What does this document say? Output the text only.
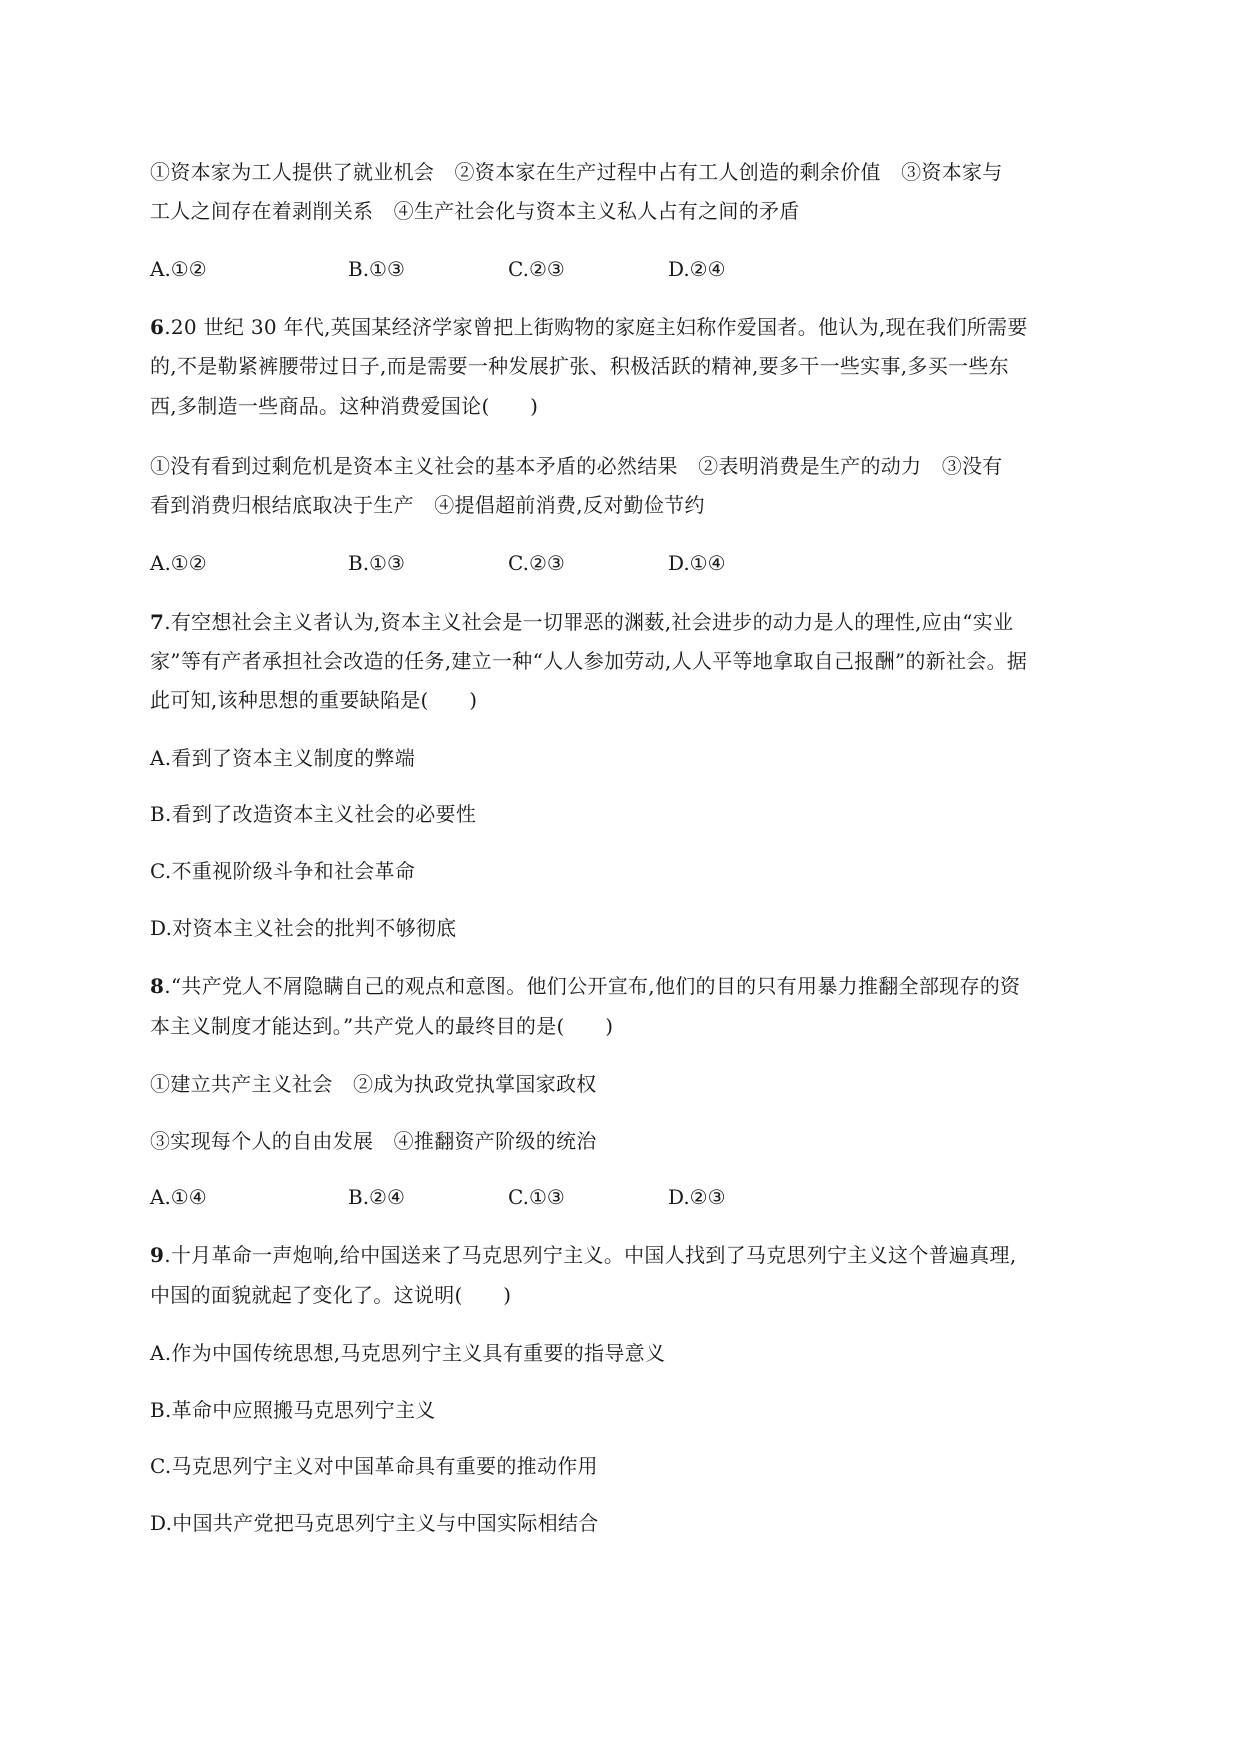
①资本家为工人提供了就业机会　②资本家在生产过程中占有工人创造的剩余价值　③资本家与
工人之间存在着剥削关系　④生产社会化与资本主义私人占有之间的矛盾
A.①②	B.①③	C.②③	D.②④
6.20 世纪 30 年代,英国某经济学家曾把上街购物的家庭主妇称作爱国者。他认为,现在我们所需要
的,不是勒紧裤腰带过日子,而是需要一种发展扩张、积极活跃的精神,要多干一些实事,多买一些东
西,多制造一些商品。这种消费爱国论(　　)
①没有看到过剩危机是资本主义社会的基本矛盾的必然结果　②表明消费是生产的动力　③没有
看到消费归根结底取决于生产　④提倡超前消费,反对勤俭节约
A.①②	B.①③	C.②③	D.①④
7.有空想社会主义者认为,资本主义社会是一切罪恶的渊薮,社会进步的动力是人的理性,应由“实业
家”等有产者承担社会改造的任务,建立一种“人人参加劳动,人人平等地拿取自己报酬”的新社会。据
此可知,该种思想的重要缺陷是(　　)
A.看到了资本主义制度的弊端
B.看到了改造资本主义社会的必要性
C.不重视阶级斗争和社会革命
D.对资本主义社会的批判不够彻底
8.“共产党人不屑隐瞒自己的观点和意图。他们公开宣布,他们的目的只有用暴力推翻全部现存的资
本主义制度才能达到。”共产党人的最终目的是(　　)
①建立共产主义社会　②成为执政党执掌国家政权
③实现每个人的自由发展　④推翻资产阶级的统治
A.①④	B.②④	C.①③	D.②③
9.十月革命一声炮响,给中国送来了马克思列宁主义。中国人找到了马克思列宁主义这个普遍真理,
中国的面貌就起了变化了。这说明(　　)
A.作为中国传统思想,马克思列宁主义具有重要的指导意义
B.革命中应照搬马克思列宁主义
C.马克思列宁主义对中国革命具有重要的推动作用
D.中国共产党把马克思列宁主义与中国实际相结合
